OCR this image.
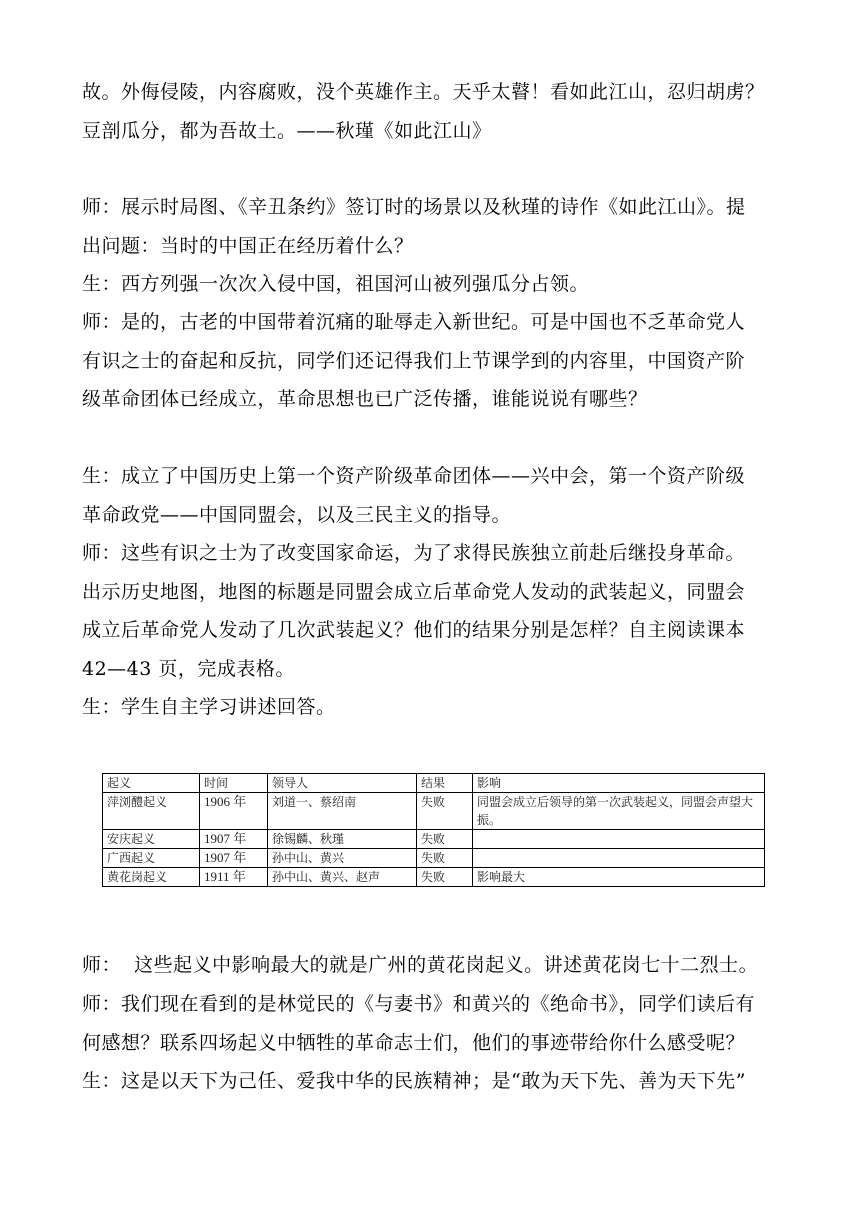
故。外侮侵陵，内容腐败，没个英雄作主。天乎太瞽！看如此江山，忍归胡虏？
豆剖瓜分，都为吾故土。——秋瑾《如此江山》

师：展示时局图、《辛丑条约》签订时的场景以及秋瑾的诗作《如此江山》。提
出问题：当时的中国正在经历着什么？

生：西方列强一次次入侵中国，祖国河山被列强瓜分占领。

师：是的，古老的中国带着沉痛的耻辱走入新世纪。可是中国也不乏革命党人
有识之士的奋起和反抗，同学们还记得我们上节课学到的内容里，中国资产阶
级革命团体已经成立，革命思想也已广泛传播，谁能说说有哪些？

生：成立了中国历史上第一个资产阶级革命团体——兴中会，第一个资产阶级
革命政党——中国同盟会，以及三民主义的指导。

师：这些有识之士为了改变国家命运，为了求得民族独立前赴后继投身革命。
出示历史地图，地图的标题是同盟会成立后革命党人发动的武装起义，同盟会
成立后革命党人发动了几次武装起义？他们的结果分别是怎样？自主阅读课本
42—43 页，完成表格。

生：学生自主学习讲述回答。

起义	时间	领导人	结果	影响
萍浏醴起义	1906 年	刘道一、蔡绍南	失败	同盟会成立后领导的第一次武装起义，同盟会声望大振。
安庆起义	1907 年	徐锡麟、秋瑾	失败	
广西起义	1907 年	孙中山、黄兴	失败	
黄花岗起义	1911 年	孙中山、黄兴、赵声	失败	影响最大

师：  这些起义中影响最大的就是广州的黄花岗起义。讲述黄花岗七十二烈士。

师：我们现在看到的是林觉民的《与妻书》和黄兴的《绝命书》，同学们读后有
何感想？联系四场起义中牺牲的革命志士们，他们的事迹带给你什么感受呢？

生：这是以天下为己任、爱我中华的民族精神；是“敢为天下先、善为天下先”
